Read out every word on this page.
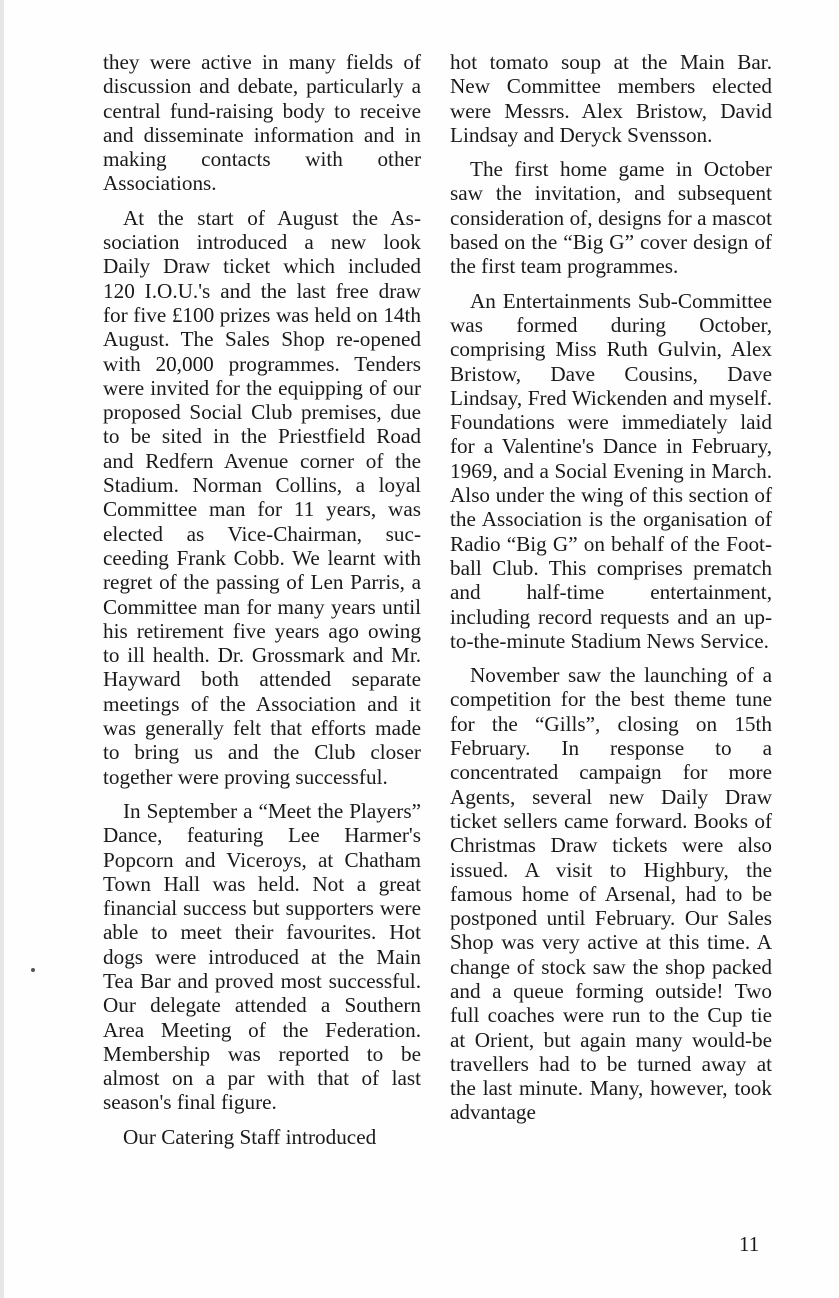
they were active in many fields of discussion and debate, particularly a central fund-raising body to receive and disseminate information and in making contacts with other Associations.

At the start of August the Association introduced a new look Daily Draw ticket which included 120 I.O.U.'s and the last free draw for five £100 prizes was held on 14th August. The Sales Shop re-opened with 20,000 programmes. Tenders were invited for the equipping of our proposed Social Club premises, due to be sited in the Priestfield Road and Redfern Avenue corner of the Stadium. Norman Collins, a loyal Committee man for 11 years, was elected as Vice-Chairman, succeeding Frank Cobb. We learnt with regret of the passing of Len Parris, a Committee man for many years until his retirement five years ago owing to ill health. Dr. Grossmark and Mr. Hayward both attended separate meetings of the Association and it was generally felt that efforts made to bring us and the Club closer together were proving successful.

In September a “Meet the Players” Dance, featuring Lee Harmer's Popcorn and Viceroys, at Chatham Town Hall was held. Not a great financial success but supporters were able to meet their favourites. Hot dogs were introduced at the Main Tea Bar and proved most successful. Our delegate attended a Southern Area Meeting of the Federation. Membership was reported to be almost on a par with that of last season's final figure.

Our Catering Staff introduced

hot tomato soup at the Main Bar. New Committee members elected were Messrs. Alex Bristow, David Lindsay and Deryck Svensson.

The first home game in October saw the invitation, and subsequent consideration of, designs for a mascot based on the “Big G” cover design of the first team programmes.

An Entertainments Sub-Committee was formed during October, comprising Miss Ruth Gulvin, Alex Bristow, Dave Cousins, Dave Lindsay, Fred Wickenden and myself. Foundations were immediately laid for a Valentine's Dance in February, 1969, and a Social Evening in March. Also under the wing of this section of the Association is the organisation of Radio “Big G” on behalf of the Football Club. This comprises prematch and half-time entertainment, including record requests and an up-to-the-minute Stadium News Service.

November saw the launching of a competition for the best theme tune for the “Gills”, closing on 15th February. In response to a concentrated campaign for more Agents, several new Daily Draw ticket sellers came forward. Books of Christmas Draw tickets were also issued. A visit to Highbury, the famous home of Arsenal, had to be postponed until February. Our Sales Shop was very active at this time. A change of stock saw the shop packed and a queue forming outside! Two full coaches were run to the Cup tie at Orient, but again many would-be travellers had to be turned away at the last minute. Many, however, took advantage

11
